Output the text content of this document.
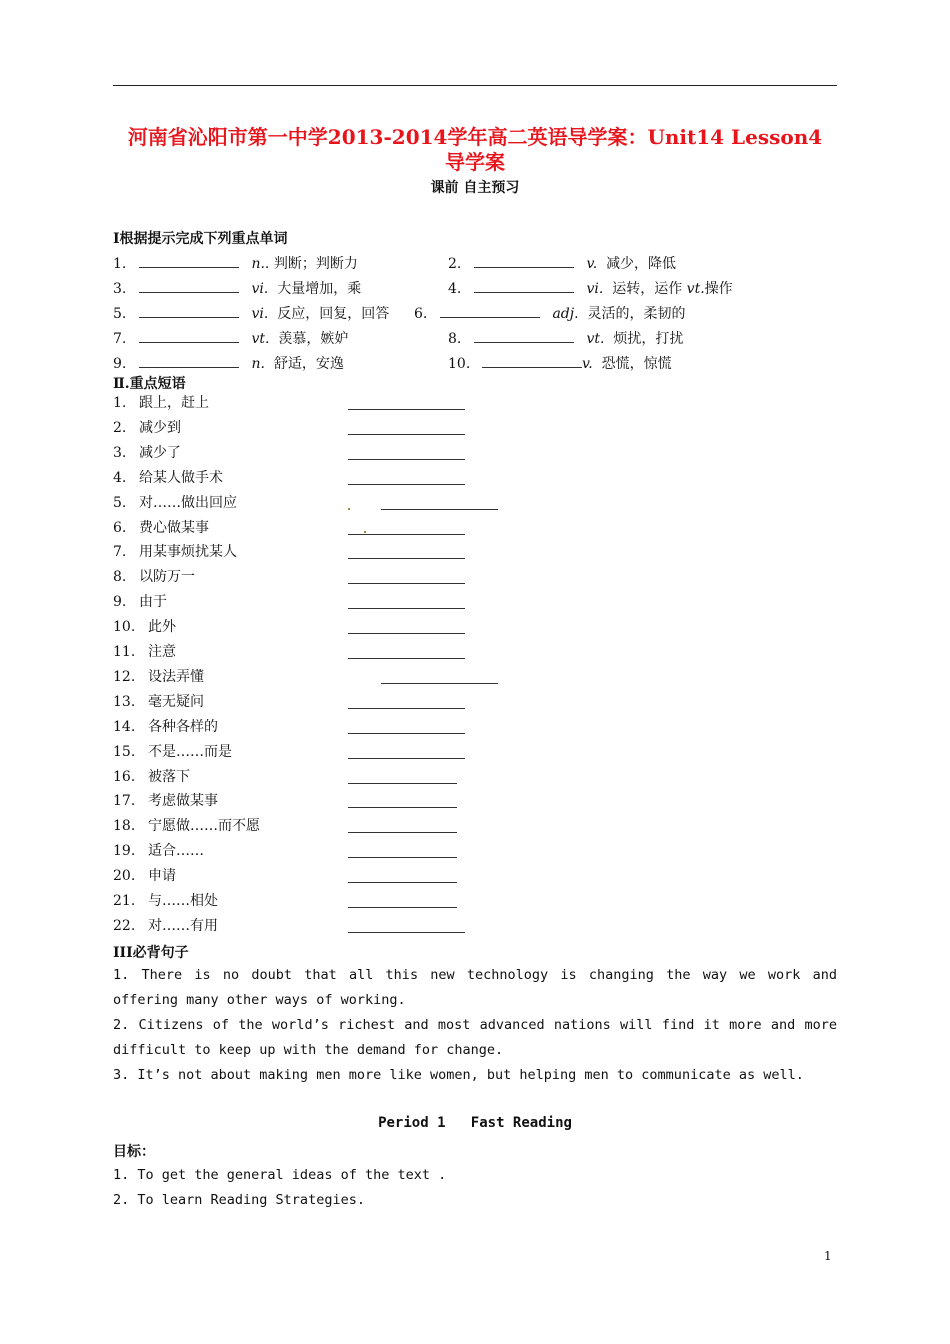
河南省沁阳市第一中学2013-2014学年高二英语导学案：Unit14 Lesson4
导学案
课前 自主预习
I根据提示完成下列重点单词
1.	n.. 判断；判断力	2.	v. 减少，降低
3.	vi. 大量增加，乘	4.	vi. 运转，运作 vt.操作
5.	vi. 反应，回复，回答 6.	adj. 灵活的，柔韧的
7.	vt. 羡慕，嫉妒	8.	vt. 烦扰，打扰
9.	n. 舒适，安逸	10.	v. 恐慌，惊慌
Ⅱ.重点短语
1. 跟上，赶上
2. 减少到
3. 减少了
4. 给某人做手术
5. 对……做出回应
6. 费心做某事
7. 用某事烦扰某人
8. 以防万一
9. 由于
10. 此外
11. 注意
12. 设法弄懂
13. 毫无疑问
14. 各种各样的
15. 不是……而是
16. 被落下
17. 考虑做某事
18. 宁愿做……而不愿
19. 适合……
20. 申请
21. 与……相处
22. 对……有用
III必背句子
1. There is no doubt that all this new technology is changing the way we work and offering many other ways of working.
2. Citizens of the world’s richest and most advanced nations will find it more and more difficult to keep up with the demand for change.
3. It’s not about making men more like women, but helping men to communicate as well.
Period 1   Fast Reading
目标：
1. To get the general ideas of the text .
2. To learn Reading Strategies.
1
